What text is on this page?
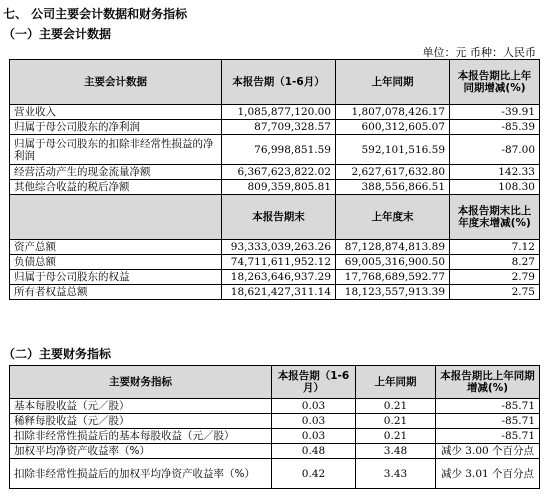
七、 公司主要会计数据和财务指标
（一）主要会计数据
单位：元 币种：人民币
主要会计数据	本报告期（1-6月）	上年同期	本报告期比上年同期增减(%)
营业收入	1,085,877,120.00	1,807,078,426.17	-39.91
归属于母公司股东的净利润	87,709,328.57	600,312,605.07	-85.39
归属于母公司股东的扣除非经常性损益的净利润	76,998,851.59	592,101,516.59	-87.00
经营活动产生的现金流量净额	6,367,623,822.02	2,627,617,632.80	142.33
其他综合收益的税后净额	809,359,805.81	388,556,866.51	108.30
	本报告期末	上年度末	本报告期末比上年度末增减(%)
资产总额	93,333,039,263.26	87,128,874,813.89	7.12
负债总额	74,711,611,952.12	69,005,316,900.50	8.27
归属于母公司股东的权益	18,263,646,937.29	17,768,689,592.77	2.79
所有者权益总额	18,621,427,311.14	18,123,557,913.39	2.75
（二）主要财务指标
主要财务指标	本报告期（1-6月）	上年同期	本报告期比上年同期增减(%)
基本每股收益（元／股）	0.03	0.21	-85.71
稀释每股收益（元／股）	0.03	0.21	-85.71
扣除非经常性损益后的基本每股收益（元／股）	0.03	0.21	-85.71
加权平均净资产收益率（%）	0.48	3.48	减少 3.00 个百分点
扣除非经常性损益后的加权平均净资产收益率（%）	0.42	3.43	减少 3.01 个百分点
